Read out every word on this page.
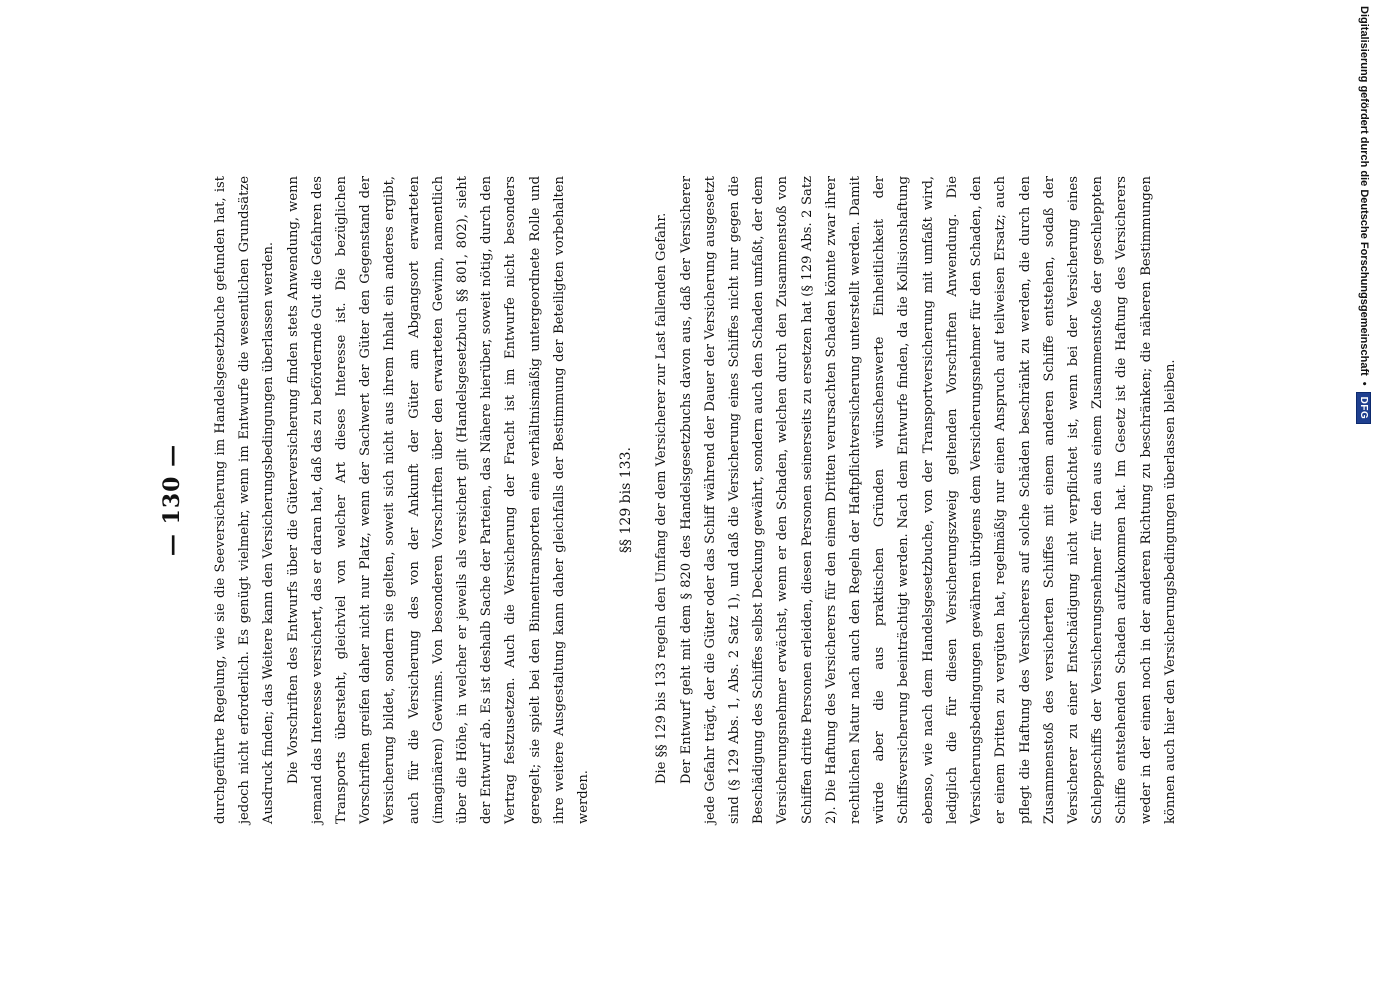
— 130 —	durchgeführte Regelung, wie sie die Seeversicherung im Handelsgesetzbuche gefunden hat, ist jedoch nicht erforderlich. Es genügt vielmehr, wenn im Entwurfe die wesentlichen Grundsätze Ausdruck finden; das Weitere kann den Versicherungsbedingungen überlassen werden. Die Vorschriften des Entwurfs über die Güterversicherung finden stets Anwendung, wenn jemand das Interesse versichert, das er daran hat, daß das zu befördernde Gut die Gefahren des Transports übersteht, gleichviel von welcher Art dieses Interesse ist. Die bezüglichen Vorschriften greifen daher nicht nur Platz, wenn der Sachwert der Güter den Gegenstand der Versicherung bildet, sondern sie gelten, soweit sich nicht aus ihrem Inhalt ein anderes ergibt, auch für die Versicherung des von der Ankunft der Güter am Abgangsort erwarteten (imaginären) Gewinns. Von besonderen Vorschriften über den erwarteten Gewinn, namentlich über die Höhe, in welcher er jeweils als versichert gilt (Handelsgesetzbuch §§ 801, 802), sieht der Entwurf ab. Es ist deshalb Sache der Parteien, das Nähere hierüber, soweit nötig, durch den Vertrag festzusetzen. Auch die Versicherung der Fracht ist im Entwurfe nicht besonders geregelt; sie spielt bei den Binnentransporten eine verhältnismäßig untergeordnete Rolle und ihre weitere Ausgestaltung kann daher gleichfalls der Bestimmung der Beteiligten vorbehalten werden.

§§ 129 bis 133.	Die §§ 129 bis 133 regeln den Umfang der dem Versicherer zur Last fallenden Gefahr. Der Entwurf geht mit dem § 820 des Handelsgesetzbuchs davon aus, daß der Versicherer jede Gefahr trägt, der die Güter oder das Schiff während der Dauer der Versicherung ausgesetzt sind (§ 129 Abs. 1, Abs. 2 Satz 1), und daß die Versicherung eines Schiffes nicht nur gegen die Beschädigung des Schiffes selbst Deckung gewährt, sondern auch den Schaden umfaßt, der dem Versicherungsnehmer erwächst, wenn er den Schaden, welchen durch den Zusammenstoß von Schiffen dritte Personen erleiden, diesen Personen seinerseits zu ersetzen hat (§ 129 Abs. 2 Satz 2). Die Haftung des Versicherers für den einem Dritten verursachten Schaden könnte zwar ihrer rechtlichen Natur nach auch den Regeln der Haftpflichtversicherung unterstellt werden. Damit würde aber die aus praktischen Gründen wünschenswerte Einheitlichkeit der Schiffsversicherung beeinträchtigt werden. Nach dem Entwurfe finden, da die Kollisionshaftung ebenso, wie nach dem Handelsgesetzbuche, von der Transportversicherung mit umfaßt wird, lediglich die für diesen Versicherungszweig geltenden Vorschriften Anwendung. Die Versicherungsbedingungen gewähren übrigens dem Versicherungsnehmer für den Schaden, den er einem Dritten zu vergüten hat, regelmäßig nur einen Anspruch auf teilweisen Ersatz; auch pflegt die Haftung des Versicherers auf solche Schäden beschränkt zu werden, die durch den Zusammenstoß des versicherten Schiffes mit einem anderen Schiffe entstehen, sodaß der Versicherer zu einer Entschädigung nicht verpflichtet ist, wenn bei der Versicherung eines Schleppschiffs der Versicherungsnehmer für den aus einem Zusammenstoße der geschleppten Schiffe entstehenden Schaden aufzukommen hat. Im Gesetz ist die Haftung des Versicherers weder in der einen noch in der anderen Richtung zu beschränken; die näheren Bestimmungen können auch hier den Versicherungsbedingungen überlassen bleiben.

Digitalisierung gefördert durch die Deutsche Forschungsgemeinschaft
•
DFG
